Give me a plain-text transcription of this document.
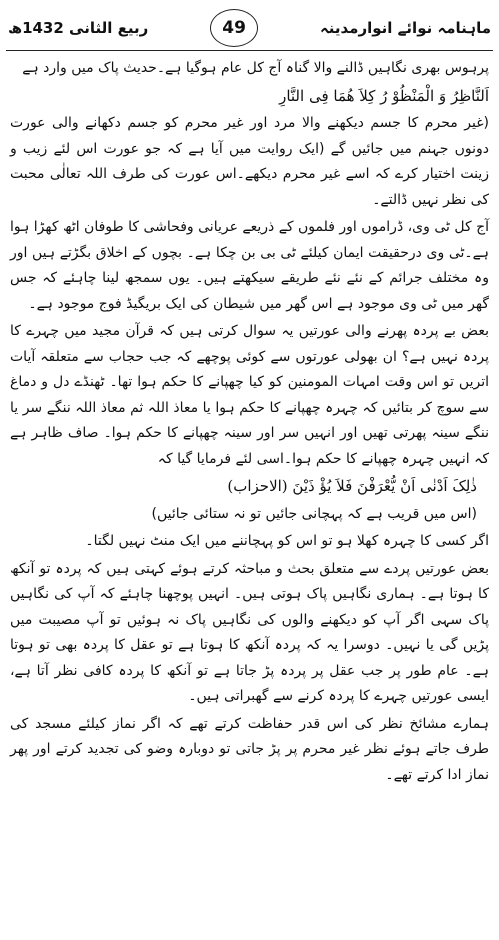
ماہنامہ نوائے انوارمدینہ
49
ربیع الثانی 1432ھ

پرہوس بھری نگاہیں ڈالنے والا گناہ آج کل عام ہوگیا ہے۔حدیث پاک میں وارد ہے

اَلنَّاظِرُ وَ الْمَنْظُوْ رُ کِلاَ ھُمَا فِی النَّارِ

(غیر محرم کا جسم دیکھنے والا مرد اور غیر محرم کو جسم دکھانے والی عورت دونوں جہنم میں جائیں گے (ایک روایت میں آیا ہے کہ جو عورت اس لئے زیب و زینت اختیار کرے کہ اسے غیر محرم دیکھے۔اس عورت کی طرف اللہ تعالٰی محبت کی نظر نہیں ڈالتے۔

آج کل ٹی وی، ڈراموں اور فلموں کے ذریعے عریانی وفحاشی کا طوفان اٹھ کھڑا ہوا ہے۔ٹی وی درحقیقت ایمان کیلئے ٹی بی بن چکا ہے۔ بچوں کے اخلاق بگڑتے ہیں اور وہ مختلف جرائم کے نئے نئے طریقے سیکھتے ہیں۔ یوں سمجھ لینا چاہئے کہ جس گھر میں ٹی وی موجود ہے اس گھر میں شیطان کی ایک بریگیڈ فوج موجود ہے۔

بعض بے پردہ پھرنے والی عورتیں یہ سوال کرتی ہیں کہ قرآن مجید میں چہرے کا پردہ نہیں ہے؟ ان بھولی عورتوں سے کوئی پوچھے کہ جب حجاب سے متعلقہ آیات اتریں تو اس وقت امہات المومنین کو کیا چھپانے کا حکم ہوا تھا۔ ٹھنڈے دل و دماغ سے سوچ کر بتائیں کہ چہرہ چھپانے کا حکم ہوا یا معاذ اللہ ثم معاذ اللہ ننگے سر یا ننگے سینہ پھرتی تھیں اور انہیں سر اور سینہ چھپانے کا حکم ہوا۔ صاف ظاہر ہے کہ انہیں چہرہ چھپانے کا حکم ہوا۔اسی لئے فرمایا گیا کہ

ذٰلِکَ اَدْنٰی اَنْ یُّعْرَفْنَ فَلاَ یُؤْ ذَیْنَ (الاحزاب)

(اس میں قریب ہے کہ پہچانی جائیں تو نہ ستائی جائیں)

اگر کسی کا چہرہ کھلا ہو تو اس کو پہچاننے میں ایک منٹ نہیں لگتا۔

بعض عورتیں پردے سے متعلق بحث و مباحثہ کرتے ہوئے کہتی ہیں کہ پردہ تو آنکھ کا ہوتا ہے۔ ہماری نگاہیں پاک ہوتی ہیں۔ انہیں پوچھنا چاہئے کہ آپ کی نگاہیں پاک سہی اگر آپ کو دیکھنے والوں کی نگاہیں پاک نہ ہوئیں تو آپ مصیبت میں پڑیں گی یا نہیں۔ دوسرا یہ کہ پردہ آنکھ کا ہوتا ہے تو عقل کا پردہ بھی تو ہوتا ہے۔ عام طور پر جب عقل پر پردہ پڑ جاتا ہے تو آنکھ کا پردہ کافی نظر آتا ہے، ایسی عورتیں چہرے کا پردہ کرنے سے گھبراتی ہیں۔

ہمارے مشائخ نظر کی اس قدر حفاظت کرتے تھے کہ اگر نماز کیلئے مسجد کی طرف جاتے ہوئے نظر غیر محرم پر پڑ جاتی تو دوبارہ وضو کی تجدید کرتے اور پھر نماز ادا کرتے تھے۔
